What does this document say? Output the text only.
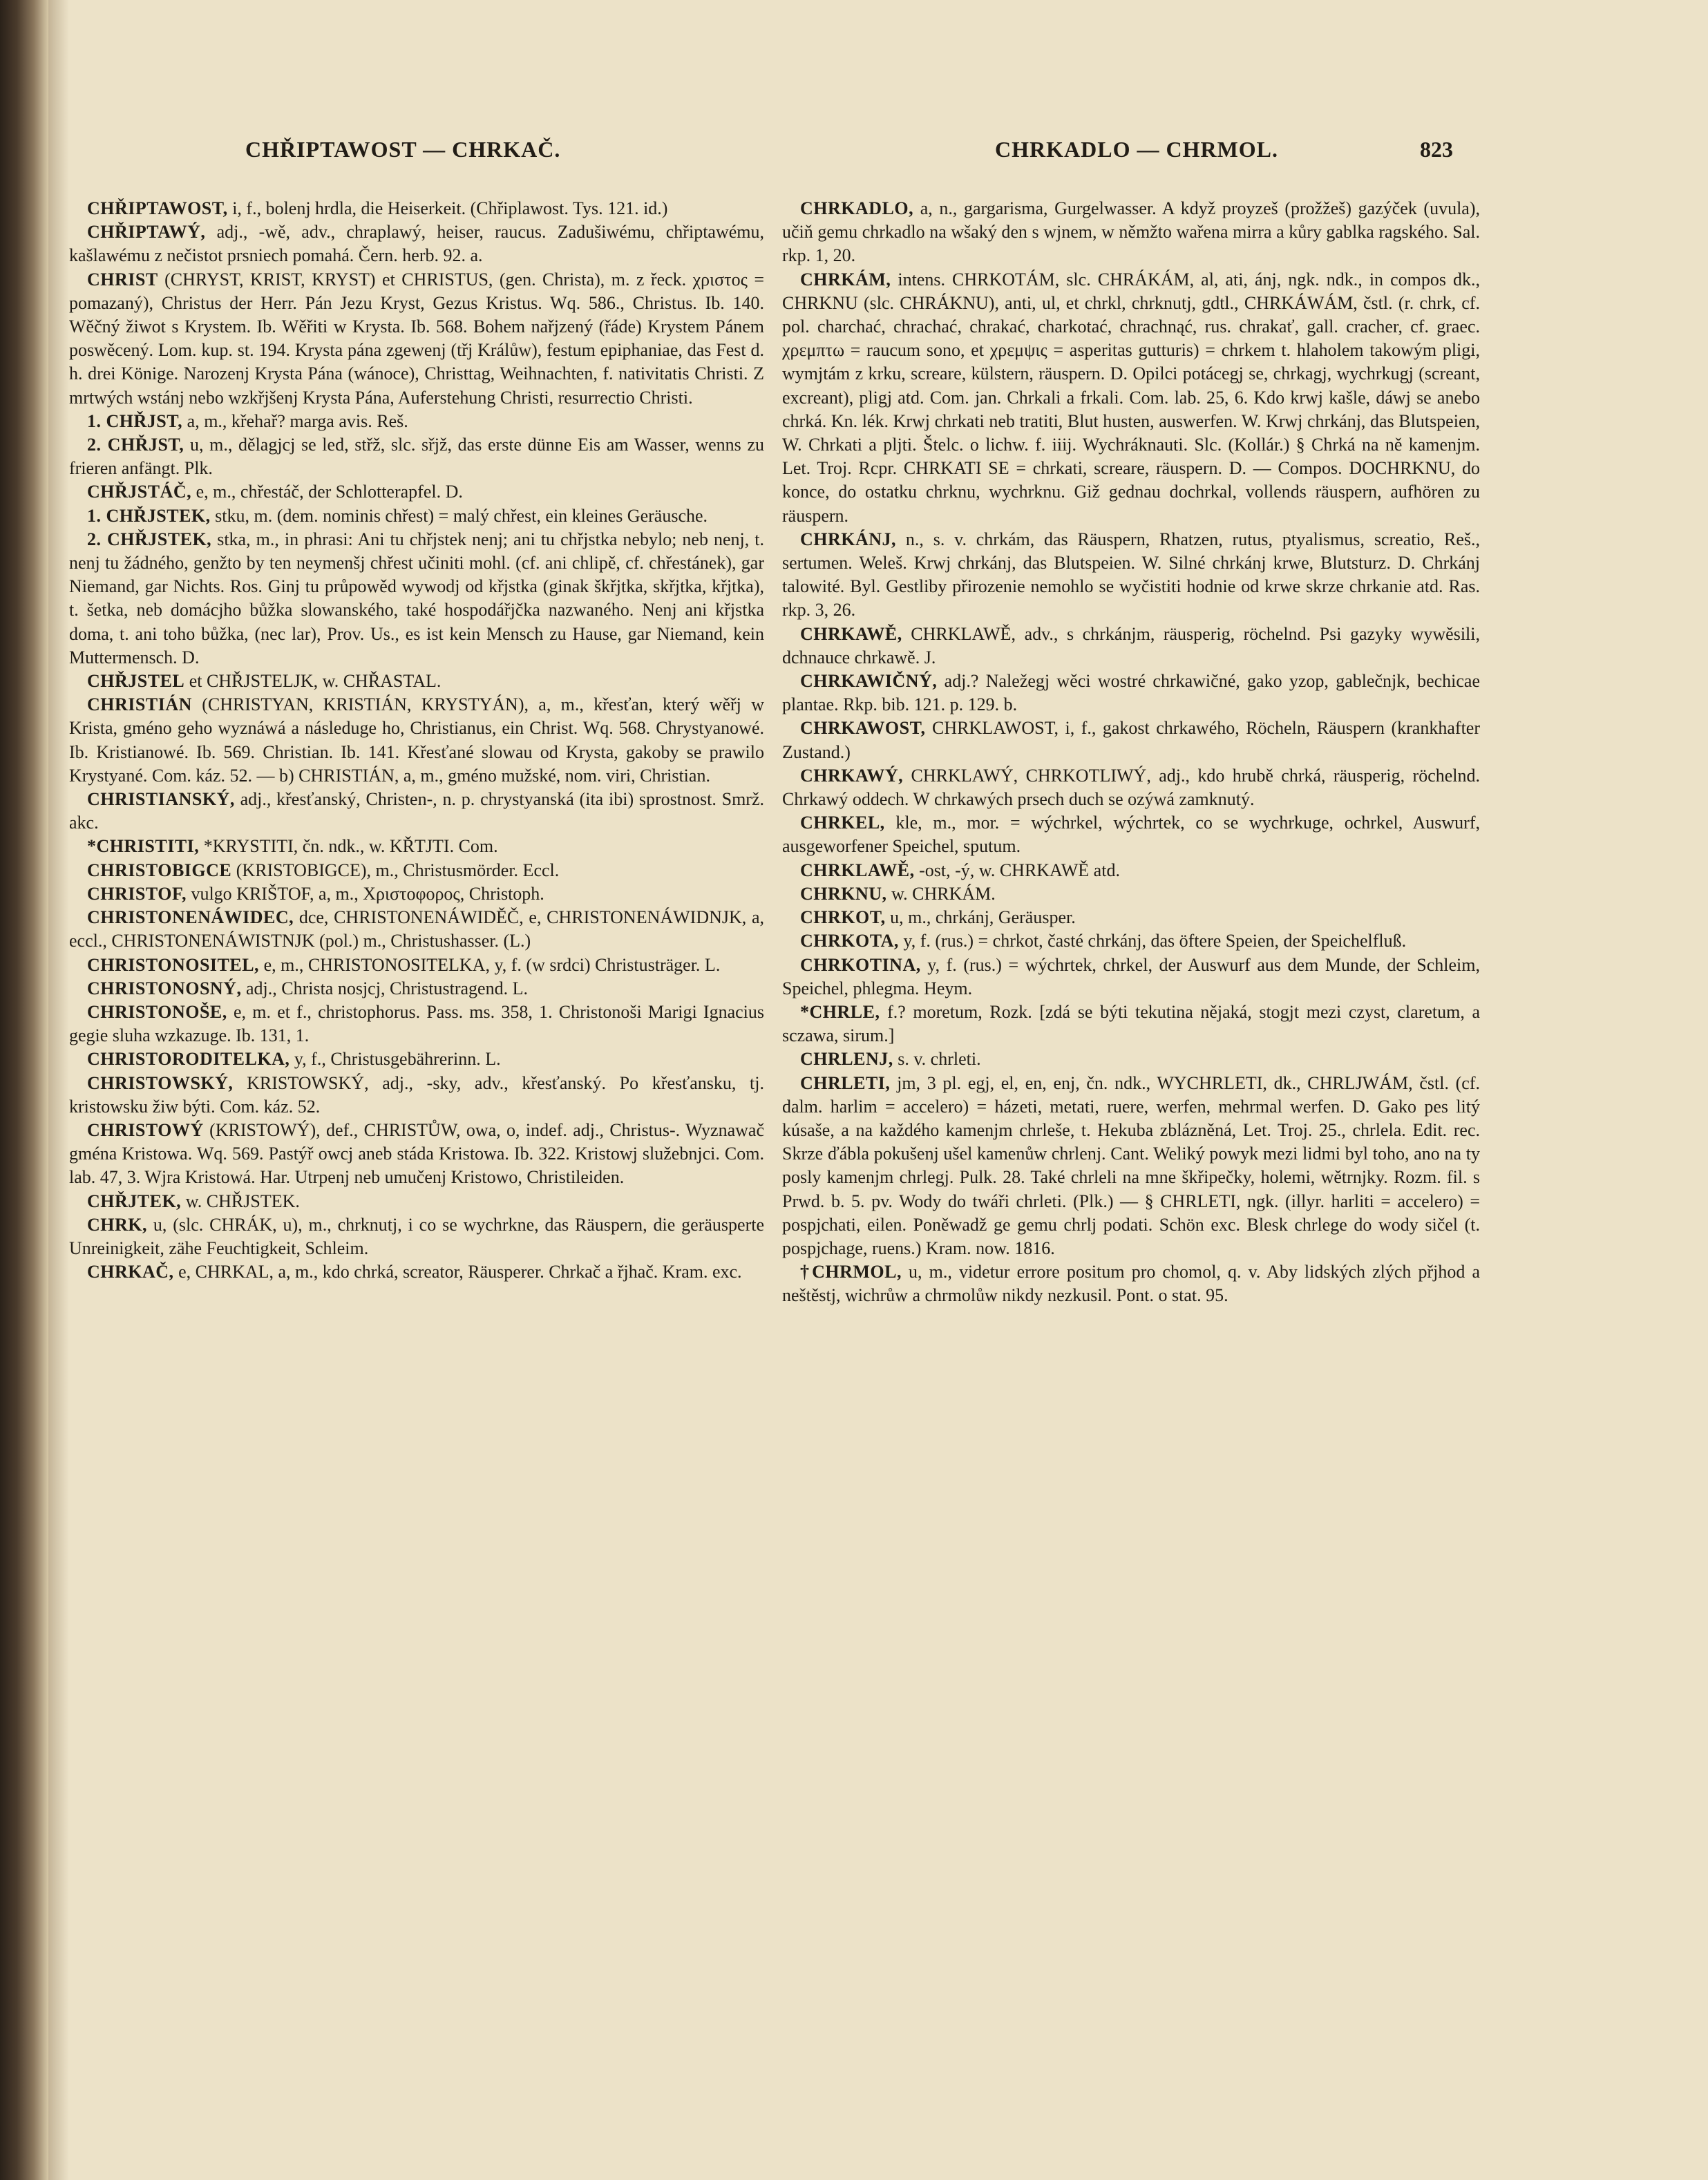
CHŘIPTAWOST — CHRKAČ.	CHRKADLO — CHRMOL.	823

CHŘIPTAWOST, i, f., bolenj hrdla, die Heiserkeit. (Chřiplawost. Tys. 121. id.)

CHŘIPTAWÝ, adj., -wě, adv., chraplawý, heiser, raucus. Zadušiwému, chřiptawému, kašlawému z nečistot prsniech pomahá. Čern. herb. 92. a.

CHRIST (CHRYST, KRIST, KRYST) et CHRISTUS, (gen. Christa), m. z řeck. χριστος = pomazaný), Christus der Herr. Pán Jezu Kryst, Gezus Kristus. Wq. 586., Christus. Ib. 140. Wěčný žiwot s Krystem. Ib. Wěřiti w Krysta. Ib. 568. Bohem nařjzený (řáde) Krystem Pánem poswěcený. Lom. kup. st. 194. Krysta pána zgewenj (třj Králůw), festum epiphaniae, das Fest d. h. drei Könige. Narozenj Krysta Pána (wánoce), Christtag, Weihnachten, f. nativitatis Christi. Z mrtwých wstánj nebo wzkřjšenj Krysta Pána, Auferstehung Christi, resurrectio Christi.

1. CHŘJST, a, m., křehař? marga avis. Reš.

2. CHŘJST, u, m., dělagjcj se led, střž, slc. sřjž, das erste dünne Eis am Wasser, wenns zu frieren anfängt. Plk.

CHŘJSTÁČ, e, m., chřestáč, der Schlotterapfel. D.

1. CHŘJSTEK, stku, m. (dem. nominis chřest) = malý chřest, ein kleines Geräusche.

2. CHŘJSTEK, stka, m., in phrasi: Ani tu chřjstek nenj; ani tu chřjstka nebylo; neb nenj, t. nenj tu žádného, genžto by ten neymenšj chřest učiniti mohl. (cf. ani chlipě, cf. chřestánek), gar Niemand, gar Nichts. Ros. Ginj tu průpowěd wywodj od křjstka (ginak škřjtka, skřjtka, křjtka), t. šetka, neb domácjho bůžka slowanského, také hospodářjčka nazwaného. Nenj ani křjstka doma, t. ani toho bůžka, (nec lar), Prov. Us., es ist kein Mensch zu Hause, gar Niemand, kein Muttermensch. D.

CHŘJSTEL et CHŘJSTELJK, w. CHŘASTAL.

CHRISTIÁN (CHRISTYAN, KRISTIÁN, KRYSTYÁN), a, m., křesťan, který wěřj w Krista, gméno geho wyznáwá a následuge ho, Christianus, ein Christ. Wq. 568. Chrystyanowé. Ib. Kristianowé. Ib. 569. Christian. Ib. 141. Křesťané slowau od Krysta, gakoby se prawilo Krystyané. Com. káz. 52. — b) CHRISTIÁN, a, m., gméno mužské, nom. viri, Christian.

CHRISTIANSKÝ, adj., křesťanský, Christen-, n. p. chrystyanská (ita ibi) sprostnost. Smrž. akc.

*CHRISTITI, *KRYSTITI, čn. ndk., w. KŘTJTI. Com.

CHRISTOBIGCE (KRISTOBIGCE), m., Christusmörder. Eccl.

CHRISTOF, vulgo KRIŠTOF, a, m., Χριστοφορος, Christoph.

CHRISTONENÁWIDEC, dce, CHRISTONENÁWIDĚČ, e, CHRISTONENÁWIDNJK, a, eccl., CHRISTONENÁWISTNJK (pol.) m., Christushasser. (L.)

CHRISTONOSITEL, e, m., CHRISTONOSITELKA, y, f. (w srdci) Christusträger. L.

CHRISTONOSNÝ, adj., Christa nosjcj, Christustragend. L.

CHRISTONOŠE, e, m. et f., christophorus. Pass. ms. 358, 1. Christonoši Marigi Ignacius gegie sluha wzkazuge. Ib. 131, 1.

CHRISTORODITELKA, y, f., Christusgebährerinn. L.

CHRISTOWSKÝ, KRISTOWSKÝ, adj., -sky, adv., křesťanský. Po křesťansku, tj. kristowsku žiw býti. Com. káz. 52.

CHRISTOWÝ (KRISTOWÝ), def., CHRISTŮW, owa, o, indef. adj., Christus-. Wyznawač gména Kristowa. Wq. 569. Pastýř owcj aneb stáda Kristowa. Ib. 322. Kristowj služebnjci. Com. lab. 47, 3. Wjra Kristowá. Har. Utrpenj neb umučenj Kristowo, Christileiden.

CHŘJTEK, w. CHŘJSTEK.

CHRK, u, (slc. CHRÁK, u), m., chrknutj, i co se wychrkne, das Räuspern, die geräusperte Unreinigkeit, zähe Feuchtigkeit, Schleim.

CHRKAČ, e, CHRKAL, a, m., kdo chrká, screator, Räusperer. Chrkač a řjhač. Kram. exc.

CHRKADLO, a, n., gargarisma, Gurgelwasser. A když proyzeš (prožžeš) gazýček (uvula), učiň gemu chrkadlo na wšaký den s wjnem, w němžto wařena mirra a kůry gablka ragského. Sal. rkp. 1, 20.

CHRKÁM, intens. CHRKOTÁM, slc. CHRÁKÁM, al, ati, ánj, ngk. ndk., in compos dk., CHRKNU (slc. CHRÁKNU), anti, ul, et chrkl, chrknutj, gdtl., CHRKÁWÁM, čstl. (r. chrk, cf. pol. charchać, chrachać, chrakać, charkotać, chrachnąć, rus. chrakať, gall. cracher, cf. graec. χρεμπτω = raucum sono, et χρεμψις = asperitas gutturis) = chrkem t. hlaholem takowým pligi, wymjtám z krku, screare, külstern, räuspern. D. Opilci potácegj se, chrkagj, wychrkugj (screant, excreant), pligj atd. Com. jan. Chrkali a frkali. Com. lab. 25, 6. Kdo krwj kašle, dáwj se anebo chrká. Kn. lék. Krwj chrkati neb tratiti, Blut husten, auswerfen. W. Krwj chrkánj, das Blutspeien, W. Chrkati a pljti. Štelc. o lichw. f. iiij. Wychráknauti. Slc. (Kollár.) § Chrká na ně kamenjm. Let. Troj. Rcpr. CHRKATI SE = chrkati, screare, räuspern. D. — Compos. DOCHRKNU, do konce, do ostatku chrknu, wychrknu. Giž gednau dochrkal, vollends räuspern, aufhören zu räuspern.

CHRKÁNJ, n., s. v. chrkám, das Räuspern, Rhatzen, rutus, ptyalismus, screatio, Reš., sertumen. Weleš. Krwj chrkánj, das Blutspeien. W. Silné chrkánj krwe, Blutsturz. D. Chrkánj talowité. Byl. Gestliby přirozenie nemohlo se wyčistiti hodnie od krwe skrze chrkanie atd. Ras. rkp. 3, 26.

CHRKAWĚ, CHRKLAWĚ, adv., s chrkánjm, räusperig, röchelnd. Psi gazyky wywěsili, dchnauce chrkawě. J.

CHRKAWIČNÝ, adj.? Naležegj wěci wostré chrkawičné, gako yzop, gablečnjk, bechicae plantae. Rkp. bib. 121. p. 129. b.

CHRKAWOST, CHRKLAWOST, i, f., gakost chrkawého, Röcheln, Räuspern (krankhafter Zustand.)

CHRKAWÝ, CHRKLAWÝ, CHRKOTLIWÝ, adj., kdo hrubě chrká, räusperig, röchelnd. Chrkawý oddech. W chrkawých prsech duch se ozýwá zamknutý.

CHRKEL, kle, m., mor. = wýchrkel, wýchrtek, co se wychrkuge, ochrkel, Auswurf, ausgeworfener Speichel, sputum.

CHRKLAWĚ, -ost, -ý, w. CHRKAWĚ atd.

CHRKNU, w. CHRKÁM.

CHRKOT, u, m., chrkánj, Geräusper.

CHRKOTA, y, f. (rus.) = chrkot, časté chrkánj, das öftere Speien, der Speichelfluß.

CHRKOTINA, y, f. (rus.) = wýchrtek, chrkel, der Auswurf aus dem Munde, der Schleim, Speichel, phlegma. Heym.

*CHRLE, f.? moretum, Rozk. [zdá se býti tekutina nějaká, stogjt mezi czyst, claretum, a sczawa, sirum.]

CHRLENJ, s. v. chrleti.

CHRLETI, jm, 3 pl. egj, el, en, enj, čn. ndk., WYCHRLETI, dk., CHRLJWÁM, čstl. (cf. dalm. harlim = accelero) = házeti, metati, ruere, werfen, mehrmal werfen. D. Gako pes litý kúsaše, a na každého kamenjm chrleše, t. Hekuba zblázněná, Let. Troj. 25., chrlela. Edit. rec. Skrze ďábla pokušenj ušel kamenůw chrlenj. Cant. Weliký powyk mezi lidmi byl toho, ano na ty posly kamenjm chrlegj. Pulk. 28. Také chrleli na mne škřipečky, holemi, wětrnjky. Rozm. fil. s Prwd. b. 5. pv. Wody do twáři chrleti. (Plk.) — § CHRLETI, ngk. (illyr. harliti = accelero) = pospjchati, eilen. Poněwadž ge gemu chrlj podati. Schön exc. Blesk chrlege do wody sičel (t. pospjchage, ruens.) Kram. now. 1816.

†CHRMOL, u, m., videtur errore positum pro chomol, q. v. Aby lidských zlých přjhod a neštěstj, wichrůw a chrmolůw nikdy nezkusil. Pont. o stat. 95.
